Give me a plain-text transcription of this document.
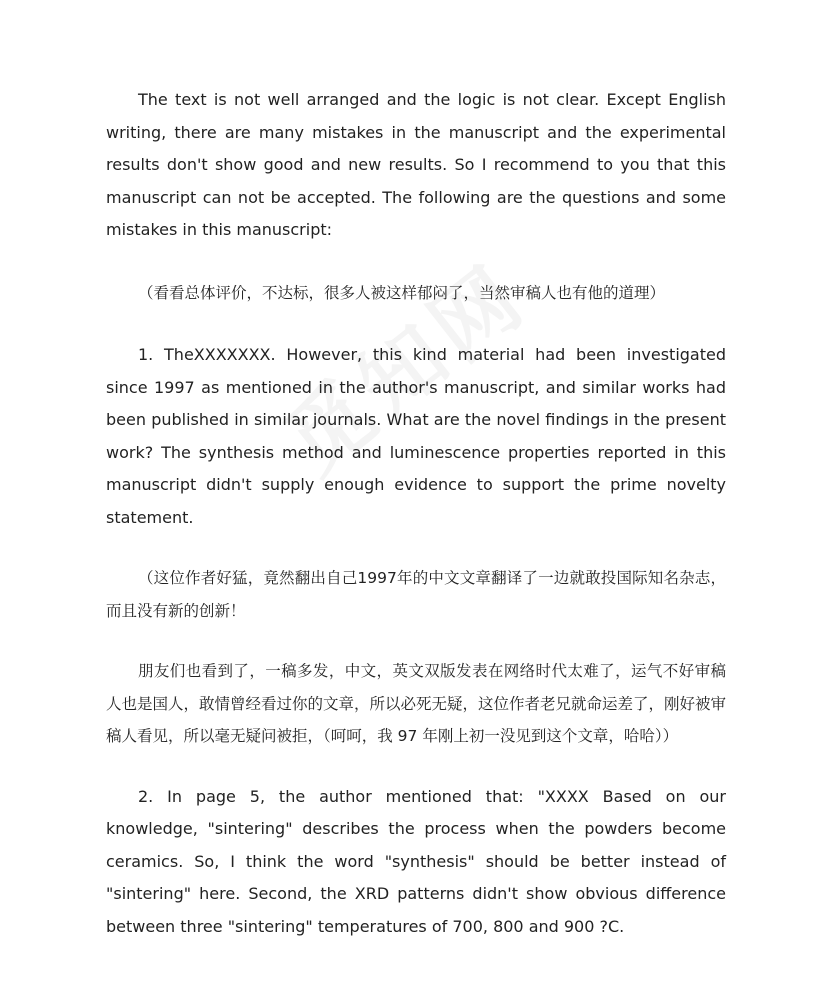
The text is not well arranged and the logic is not clear. Except English writing, there are many mistakes in the manuscript and the experimental results don't show good and new results. So I recommend to you that this manuscript can not be accepted. The following are the questions and some mistakes in this manuscript:

（看看总体评价，不达标，很多人被这样郁闷了，当然审稿人也有他的道理）

1. TheXXXXXXX. However, this kind material had been investigated since 1997 as mentioned in the author's manuscript, and similar works had been published in similar journals. What are the novel findings in the present work? The synthesis method and luminescence properties reported in this manuscript didn't supply enough evidence to support the prime novelty statement.

（这位作者好猛，竟然翻出自己1997年的中文文章翻译了一边就敢投国际知名杂志，而且没有新的创新！

朋友们也看到了，一稿多发，中文，英文双版发表在网络时代太难了，运气不好审稿人也是国人，敢情曾经看过你的文章，所以必死无疑，这位作者老兄就命运差了，刚好被审稿人看见，所以毫无疑问被拒，（呵呵，我 97 年刚上初一没见到这个文章，哈哈））

2. In page 5, the author mentioned that: "XXXX Based on our knowledge, "sintering" describes the process when the powders become ceramics. So, I think the word "synthesis" should be better instead of "sintering" here. Second, the XRD patterns didn't show obvious difference between three "sintering" temperatures of 700, 800 and 900 ?C.
